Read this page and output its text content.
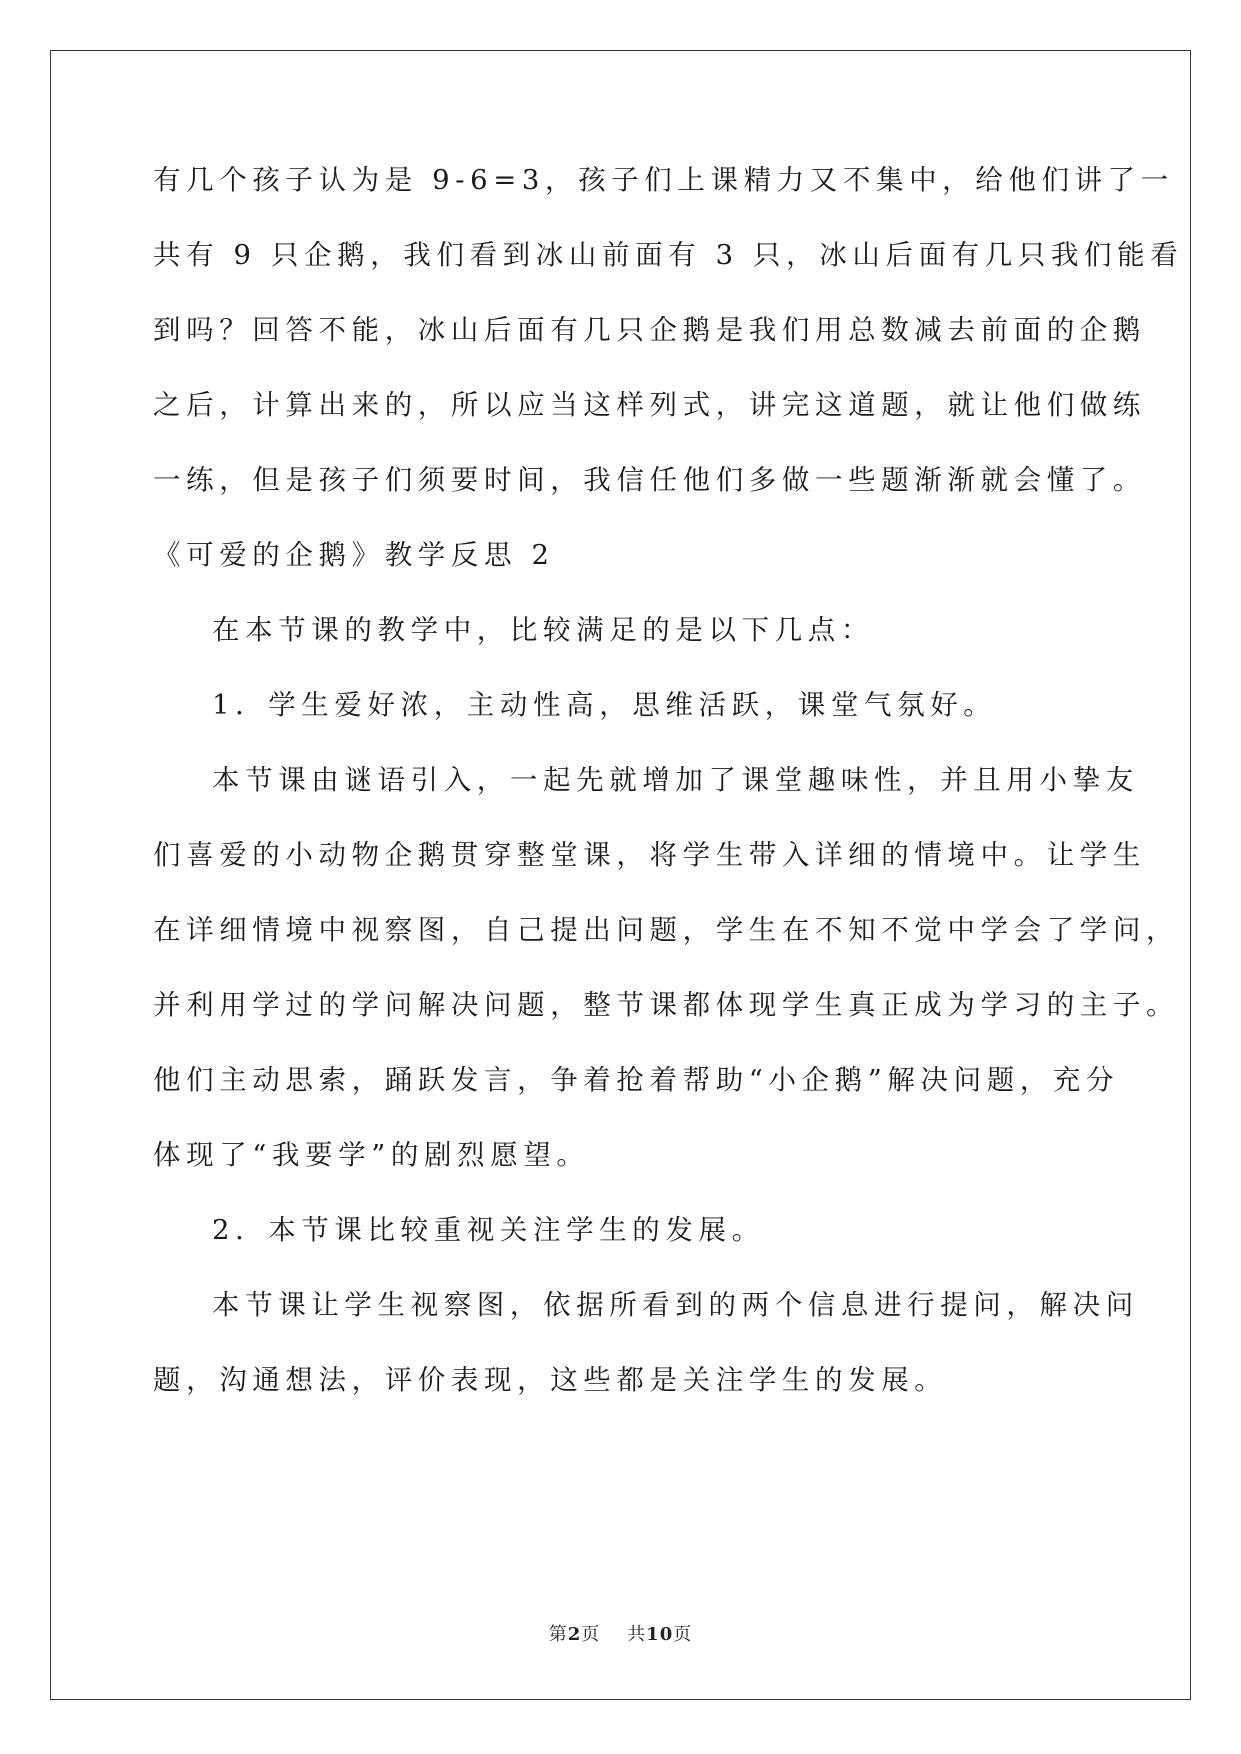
有几个孩子认为是 9-6=3，孩子们上课精力又不集中，给他们讲了一
共有 9 只企鹅，我们看到冰山前面有 3 只，冰山后面有几只我们能看
到吗？回答不能，冰山后面有几只企鹅是我们用总数减去前面的企鹅
之后，计算出来的，所以应当这样列式，讲完这道题，就让他们做练
一练，但是孩子们须要时间，我信任他们多做一些题渐渐就会懂了。
《可爱的企鹅》教学反思 2
在本节课的教学中，比较满足的是以下几点：
1．学生爱好浓，主动性高，思维活跃，课堂气氛好。
本节课由谜语引入，一起先就增加了课堂趣味性，并且用小挚友
们喜爱的小动物企鹅贯穿整堂课，将学生带入详细的情境中。让学生
在详细情境中视察图，自己提出问题，学生在不知不觉中学会了学问，
并利用学过的学问解决问题，整节课都体现学生真正成为学习的主子。
他们主动思索，踊跃发言，争着抢着帮助“小企鹅”解决问题，充分
体现了“我要学”的剧烈愿望。
2．本节课比较重视关注学生的发展。
本节课让学生视察图，依据所看到的两个信息进行提问，解决问
题，沟通想法，评价表现，这些都是关注学生的发展。
第2页 共10页
